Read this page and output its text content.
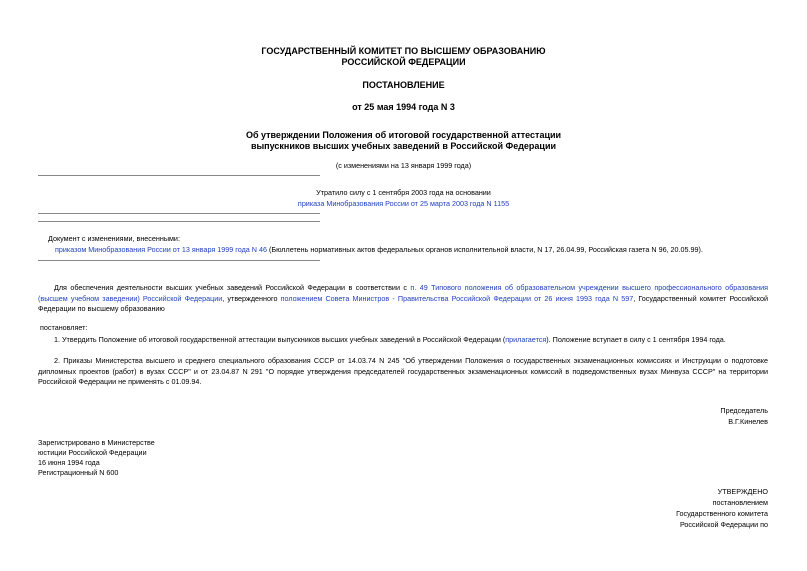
ГОСУДАРСТВЕННЫЙ КОМИТЕТ ПО ВЫСШЕМУ ОБРАЗОВАНИЮ
РОССИЙСКОЙ ФЕДЕРАЦИИ
ПОСТАНОВЛЕНИЕ
от 25 мая 1994 года N 3
Об утверждении Положения об итоговой государственной аттестации
выпускников высших учебных заведений в Российской Федерации
(с изменениями на 13 января 1999 года)
Утратило силу с 1 сентября 2003 года на основании
приказа Минобразования России от 25 марта 2003 года N 1155
Документ с изменениями, внесенными:
приказом Минобразования России от 13 января 1999 года N 46 (Бюллетень нормативных актов федеральных органов исполнительной власти, N 17, 26.04.99, Российская газета N 96, 20.05.99).
Для обеспечения деятельности высших учебных заведений Российской Федерации в соответствии с п. 49 Типового положения об образовательном учреждении высшего профессионального образования
(высшем учебном заведении) Российской Федерации, утвержденного положением Совета Министров - Правительства Российской Федерации от 26 июня 1993 года N 597, Государственный комитет Российской
Федерации по высшему образованию
постановляет:
1. Утвердить Положение об итоговой государственной аттестации выпускников высших учебных заведений в Российской Федерации (прилагается). Положение вступает в силу с 1 сентября 1994 года.
2. Приказы Министерства высшего и среднего специального образования СССР от 14.03.74 N 245 "Об утверждении Положения о государственных экзаменационных комиссиях и Инструкции о подготовке
дипломных проектов (работ) в вузах СССР" и от 23.04.87 N 291 "О порядке утверждения председателей государственных экзаменационных комиссий в подведомственных вузах Минвуза СССР" на территории
Российской Федерации не применять с 01.09.94.
Председатель
В.Г.Кинелев
Зарегистрировано в Министерстве
юстиции Российской Федерации
16 июня 1994 года
Регистрационный N 600
УТВЕРЖДЕНО
постановлением
Государственного комитета
Российской Федерации по
